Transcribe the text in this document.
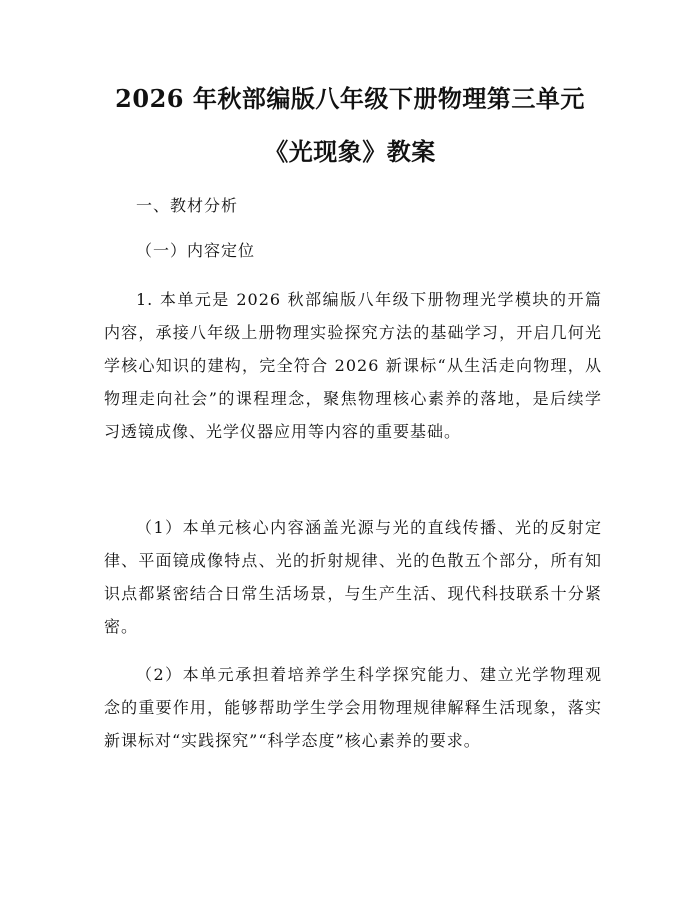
2026 年秋部编版八年级下册物理第三单元
《光现象》教案

一、教材分析

（一）内容定位

1. 本单元是 2026 秋部编版八年级下册物理光学模块的开篇内容，承接八年级上册物理实验探究方法的基础学习，开启几何光学核心知识的建构，完全符合 2026 新课标“从生活走向物理，从物理走向社会”的课程理念，聚焦物理核心素养的落地，是后续学习透镜成像、光学仪器应用等内容的重要基础。

（1）本单元核心内容涵盖光源与光的直线传播、光的反射定律、平面镜成像特点、光的折射规律、光的色散五个部分，所有知识点都紧密结合日常生活场景，与生产生活、现代科技联系十分紧密。

（2）本单元承担着培养学生科学探究能力、建立光学物理观念的重要作用，能够帮助学生学会用物理规律解释生活现象，落实新课标对“实践探究”“科学态度”核心素养的要求。
